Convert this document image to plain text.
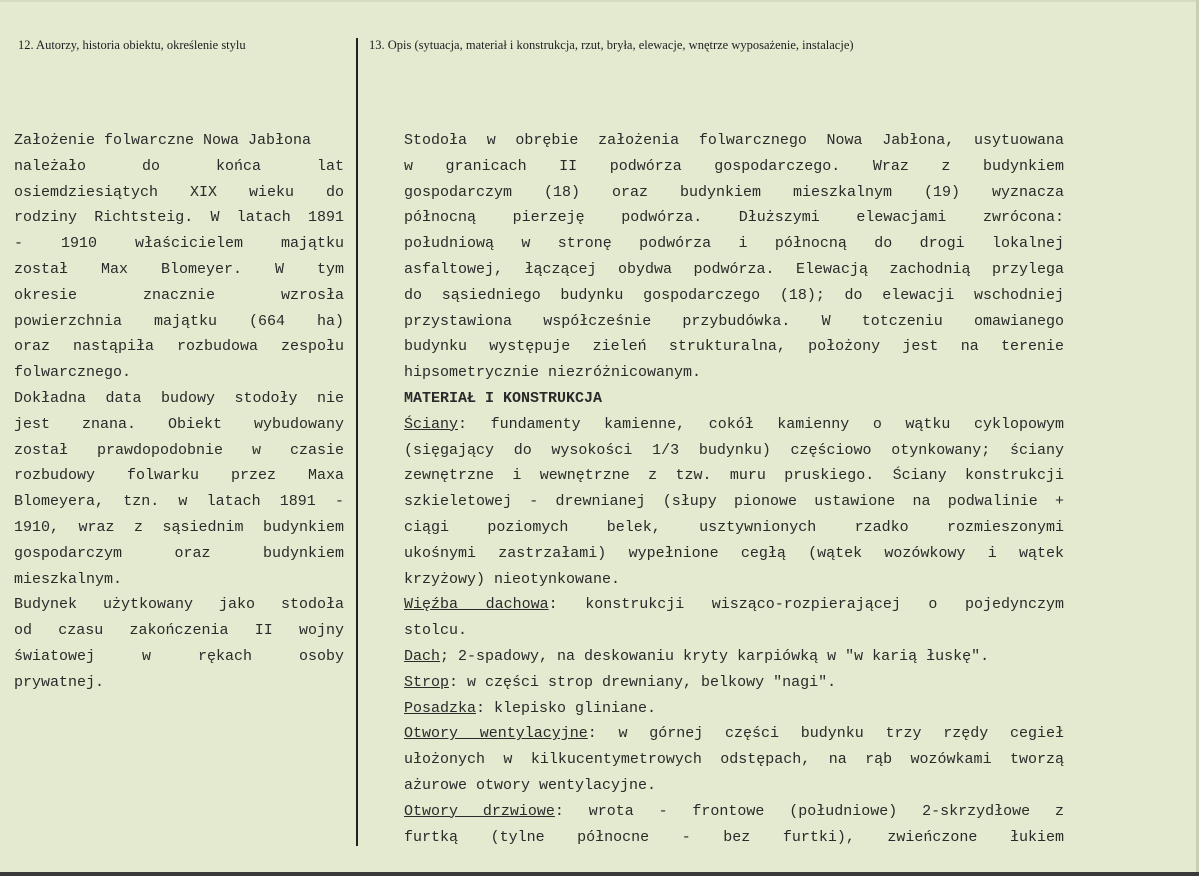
12. Autorzy, historia obiektu, określenie stylu	13. Opis (sytuacja, materiał i konstrukcja, rzut, bryła, elewacje, wnętrze wyposażenie, instalacje)
Założenie folwarczne Nowa Jabłona
należało do końca lat
osiemdziesiątych XIX wieku do
rodziny Richtsteig. W latach 1891
- 1910 właścicielem majątku
został Max Blomeyer. W tym
okresie znacznie wzrosła
powierzchnia majątku (664 ha)
oraz nastąpiła rozbudowa zespołu
folwarcznego.
Dokładna data budowy stodoły nie
jest znana. Obiekt wybudowany
został prawdopodobnie w czasie
rozbudowy folwarku przez Maxa
Blomeyera, tzn. w latach 1891 -
1910, wraz z sąsiednim budynkiem
gospodarczym oraz budynkiem
mieszkalnym.
Budynek użytkowany jako stodoła
od czasu zakończenia II wojny
światowej w rękach osoby
prywatnej.
Stodoła w obrębie założenia folwarcznego Nowa Jabłona, usytuowana
w granicach II podwórza gospodarczego. Wraz z budynkiem
gospodarczym (18) oraz budynkiem mieszkalnym (19) wyznacza
północną pierzeję podwórza. Dłuższymi elewacjami zwrócona:
południową w stronę podwórza i północną do drogi lokalnej
asfaltowej, łączącej obydwa podwórza. Elewacją zachodnią przylega
do sąsiedniego budynku gospodarczego (18); do elewacji wschodniej
przystawiona współcześnie przybudówka. W totczeniu omawianego
budynku występuje zieleń strukturalna, położony jest na terenie
hipsometrycznie niezróżnicowanym.
MATERIAŁ I KONSTRUKCJA
Ściany: fundamenty kamienne, cokół kamienny o wątku cyklopowym
(sięgający do wysokości 1/3 budynku) częściowo otynkowany; ściany
zewnętrzne i wewnętrzne z tzw. muru pruskiego. Ściany konstrukcji
szkieletowej - drewnianej (słupy pionowe ustawione na podwalinie +
ciągi poziomych belek, usztywnionych rzadko rozmieszonymi
ukośnymi zastrzałami) wypełnione cegłą (wątek wozówkowy i wątek
krzyżowy) nieotynkowane.
Więźba dachowa: konstrukcji wisząco-rozpierającej o pojedynczym
stolcu.
Dach; 2-spadowy, na deskowaniu kryty karpiówką w "w karią łuskę".
Strop: w części strop drewniany, belkowy "nagi".
Posadzka: klepisko gliniane.
Otwory wentylacyjne: w górnej części budynku trzy rzędy cegieł
ułożonych w kilkucentymetrowych odstępach, na rąb wozówkami tworzą
ażurowe otwory wentylacyjne.
Otwory drzwiowe: wrota - frontowe (południowe) 2-skrzydłowe z
furtką (tylne północne - bez furtki), zwieńczone łukiem
